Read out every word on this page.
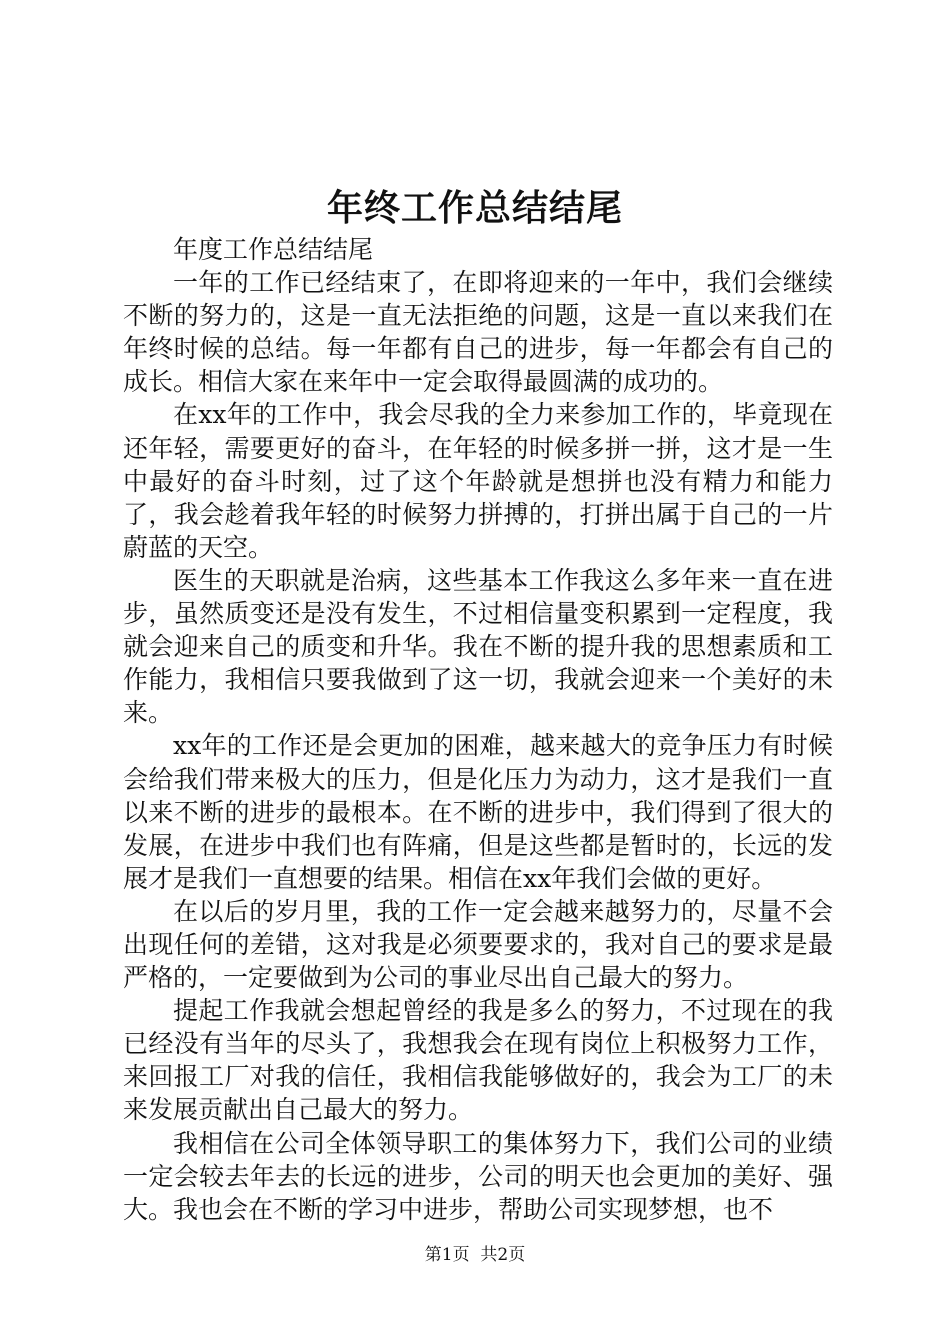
年终工作总结结尾

年度工作总结结尾

一年的工作已经结束了，在即将迎来的一年中，我们会继续不断的努力的，这是一直无法拒绝的问题，这是一直以来我们在年终时候的总结。每一年都有自己的进步，每一年都会有自己的成长。相信大家在来年中一定会取得最圆满的成功的。

在xx年的工作中，我会尽我的全力来参加工作的，毕竟现在还年轻，需要更好的奋斗，在年轻的时候多拼一拼，这才是一生中最好的奋斗时刻，过了这个年龄就是想拼也没有精力和能力了，我会趁着我年轻的时候努力拼搏的，打拼出属于自己的一片蔚蓝的天空。

医生的天职就是治病，这些基本工作我这么多年来一直在进步，虽然质变还是没有发生，不过相信量变积累到一定程度，我就会迎来自己的质变和升华。我在不断的提升我的思想素质和工作能力，我相信只要我做到了这一切，我就会迎来一个美好的未来。

xx年的工作还是会更加的困难，越来越大的竞争压力有时候会给我们带来极大的压力，但是化压力为动力，这才是我们一直以来不断的进步的最根本。在不断的进步中，我们得到了很大的发展，在进步中我们也有阵痛，但是这些都是暂时的，长远的发展才是我们一直想要的结果。相信在xx年我们会做的更好。

在以后的岁月里，我的工作一定会越来越努力的，尽量不会出现任何的差错，这对我是必须要要求的，我对自己的要求是最严格的，一定要做到为公司的事业尽出自己最大的努力。

提起工作我就会想起曾经的我是多么的努力，不过现在的我已经没有当年的尽头了，我想我会在现有岗位上积极努力工作，来回报工厂对我的信任，我相信我能够做好的，我会为工厂的未来发展贡献出自己最大的努力。

我相信在公司全体领导职工的集体努力下，我们公司的业绩一定会较去年去的长远的进步，公司的明天也会更加的美好、强大。我也会在不断的学习中进步，帮助公司实现梦想，也不

第1页 共2页
